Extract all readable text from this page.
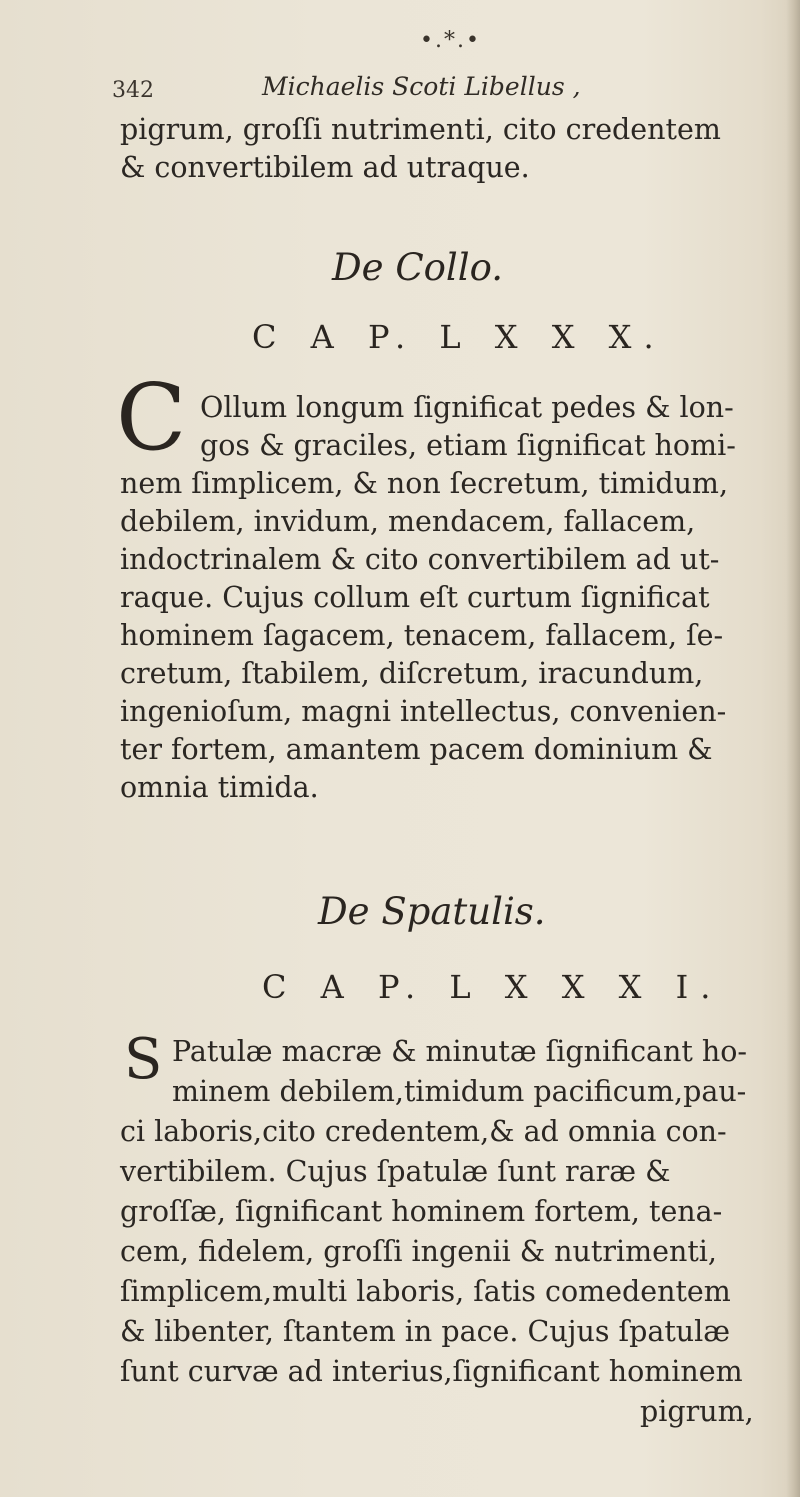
•.*.•
342	Michaelis Scoti Libellus ,
pigrum, groſſi nutrimenti, cito credentem
& convertibilem ad utraque.
De Collo.
C A P. L X X X.
C Ollum longum ſignificat pedes & lon-
gos & graciles, etiam ſignificat homi-
nem ſimplicem, & non ſecretum, timidum,
debilem, invidum, mendacem, fallacem,
indoctrinalem & cito convertibilem ad ut-
raque. Cujus collum eſt curtum ſignificat
hominem ſagacem, tenacem, fallacem, ſe-
cretum, ſtabilem, diſcretum, iracundum,
ingenioſum, magni intellectus, convenien-
ter fortem, amantem pacem dominium &
omnia timida.
De Spatulis.
C A P. L X X X I.
S Patulæ macræ & minutæ ſignificant ho-
minem debilem,timidum pacificum,pau-
ci laboris,cito credentem,& ad omnia con-
vertibilem. Cujus ſpatulæ ſunt raræ &
groſſæ, ſignificant hominem fortem, tena-
cem, fidelem, groſſi ingenii & nutrimenti,
ſimplicem,multi laboris, ſatis comedentem
& libenter, ſtantem in pace. Cujus ſpatulæ
ſunt curvæ ad interius,ſignificant hominem
pigrum,
